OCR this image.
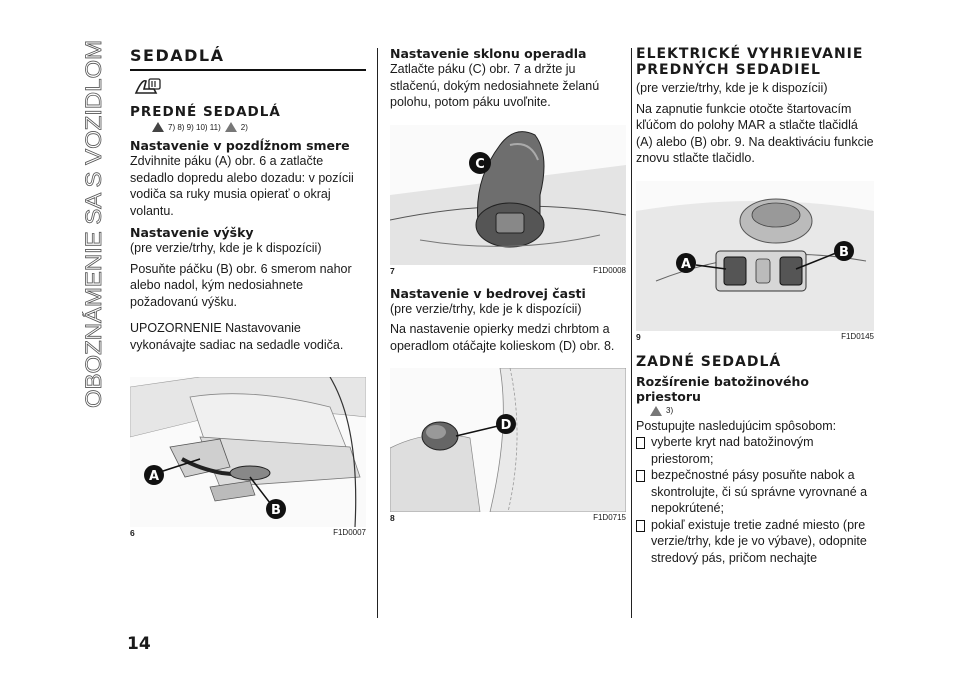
OBOZNÁMENIE SA S VOZIDLOM
SEDADLÁ
PREDNÉ SEDADLÁ
7) 8) 9) 10) 11)	2)
Nastavenie v pozdĺžnom smere

Zdvihnite páku (A) obr. 6 a zatlačte sedadlo dopredu alebo dozadu: v pozícii vodiča sa ruky musia opierať o okraj volantu.

Nastavenie výšky

(pre verzie/trhy, kde je k dispozícii)

Posuňte páčku (B) obr. 6 smerom nahor alebo nadol, kým nedosiahnete požadovanú výšku.

UPOZORNENIE Nastavovanie vykonávajte sadiac na sedadle vodiča.

A
B
6	F1D0007
Nastavenie sklonu operadla

Zatlačte páku (C) obr. 7 a držte ju stlačenú, dokým nedosiahnete želanú polohu, potom páku uvoľnite.

C
7	F1D0008
Nastavenie v bedrovej časti

(pre verzie/trhy, kde je k dispozícii)

Na nastavenie opierky medzi chrbtom a operadlom otáčajte kolieskom (D) obr. 8.

D
8	F1D0715
ELEKTRICKÉ VYHRIEVANIE PREDNÝCH SEDADIEL

(pre verzie/trhy, kde je k dispozícii)

Na zapnutie funkcie otočte štartovacím kľúčom do polohy MAR a stlačte tlačidlá (A) alebo (B) obr. 9. Na deaktiváciu funkcie znovu stlačte tlačidlo.

A
B
9	F1D0145
ZADNÉ SEDADLÁ
Rozšírenie batožinového priestoru
3)

Postupujte nasledujúcim spôsobom:

vyberte kryt nad batožinovým priestorom;

bezpečnostné pásy posuňte nabok a skontrolujte, či sú správne vyrovnané a nepokrútené;

pokiaľ existuje tretie zadné miesto (pre verzie/trhy, kde je vo výbave), odopnite stredový pás, pričom nechajte

14
